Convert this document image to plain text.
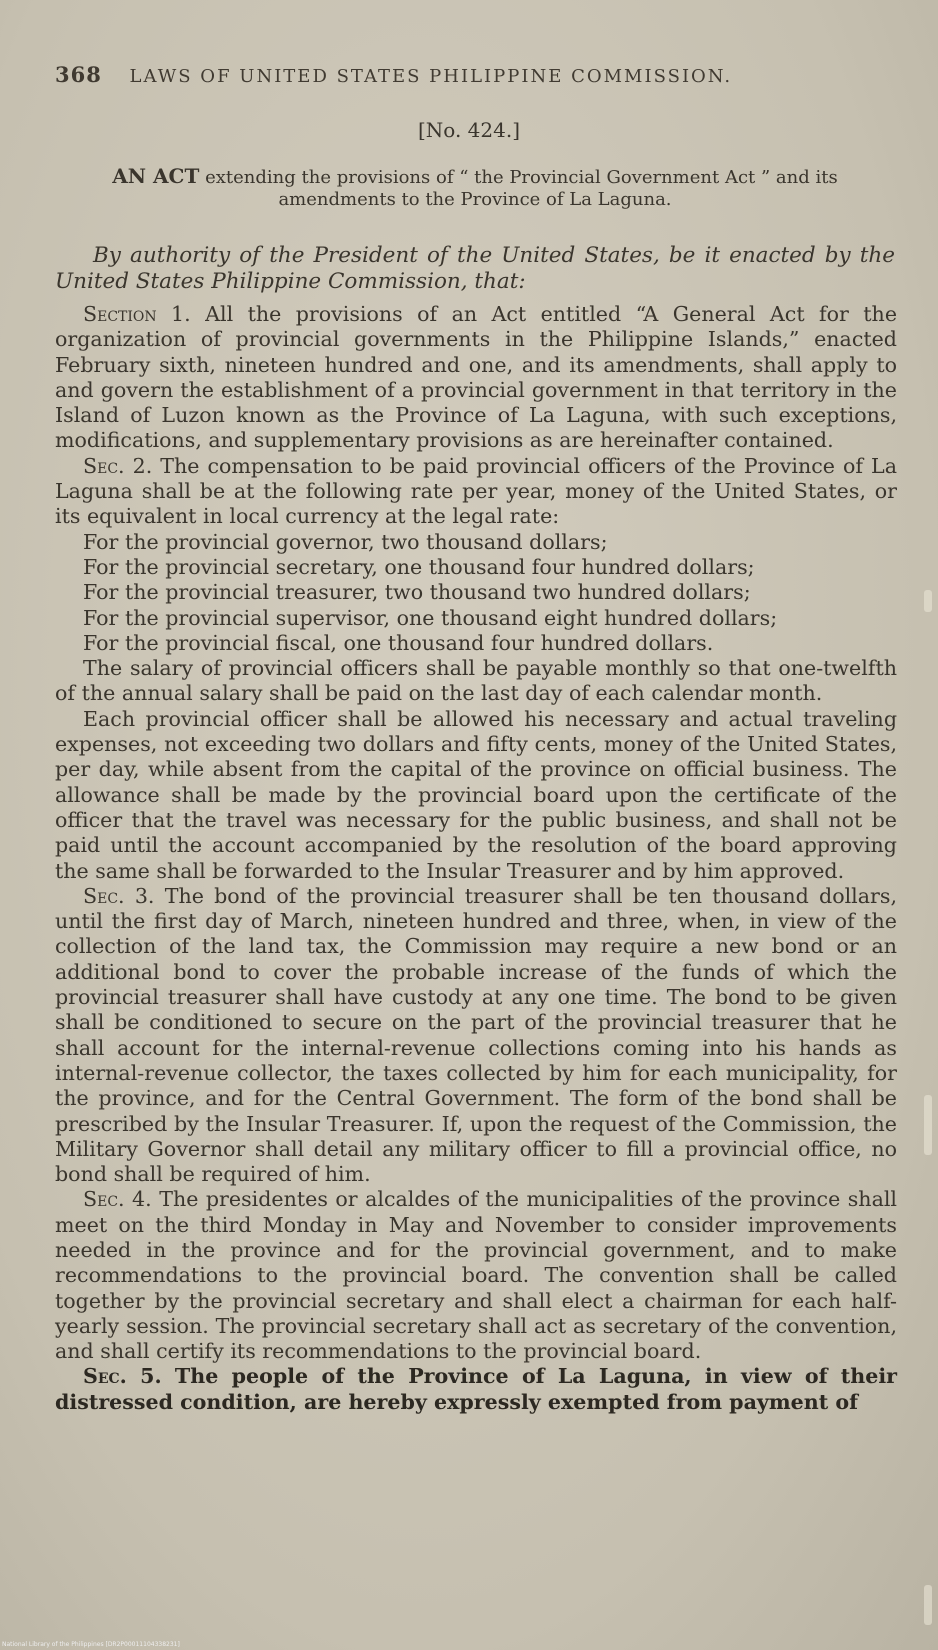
368 LAWS OF UNITED STATES PHILIPPINE COMMISSION.
[No. 424.]
AN ACT extending the provisions of “ the Provincial Government Act ” and its amendments to the Province of La Laguna.
By authority of the President of the United States, be it enacted by the United States Philippine Commission, that:

Section 1. All the provisions of an Act entitled “A General Act for the organization of provincial governments in the Philippine Islands,” enacted February sixth, nineteen hundred and one, and its amendments, shall apply to and govern the establishment of a provincial government in that territory in the Island of Luzon known as the Province of La Laguna, with such exceptions, modifications, and supplementary provisions as are hereinafter contained.

Sec. 2. The compensation to be paid provincial officers of the Province of La Laguna shall be at the following rate per year, money of the United States, or its equivalent in local currency at the legal rate:

For the provincial governor, two thousand dollars;

For the provincial secretary, one thousand four hundred dollars;

For the provincial treasurer, two thousand two hundred dollars;

For the provincial supervisor, one thousand eight hundred dollars;

For the provincial fiscal, one thousand four hundred dollars.

The salary of provincial officers shall be payable monthly so that one-twelfth of the annual salary shall be paid on the last day of each calendar month.

Each provincial officer shall be allowed his necessary and actual traveling expenses, not exceeding two dollars and fifty cents, money of the United States, per day, while absent from the capital of the province on official business. The allowance shall be made by the provincial board upon the certificate of the officer that the travel was necessary for the public business, and shall not be paid until the account accompanied by the resolution of the board approving the same shall be forwarded to the Insular Treasurer and by him approved.

Sec. 3. The bond of the provincial treasurer shall be ten thousand dollars, until the first day of March, nineteen hundred and three, when, in view of the collection of the land tax, the Commission may require a new bond or an additional bond to cover the probable increase of the funds of which the provincial treasurer shall have custody at any one time. The bond to be given shall be conditioned to secure on the part of the provincial treasurer that he shall account for the internal-revenue collections coming into his hands as internal-revenue collector, the taxes collected by him for each municipality, for the province, and for the Central Government. The form of the bond shall be prescribed by the Insular Treasurer. If, upon the request of the Commission, the Military Governor shall detail any military officer to fill a provincial office, no bond shall be required of him.

Sec. 4. The presidentes or alcaldes of the municipalities of the province shall meet on the third Monday in May and November to consider improvements needed in the province and for the provincial government, and to make recommendations to the provincial board. The convention shall be called together by the provincial secretary and shall elect a chairman for each half-yearly session. The provincial secretary shall act as secretary of the convention, and shall certify its recommendations to the provincial board.

Sec. 5. The people of the Province of La Laguna, in view of their distressed condition, are hereby expressly exempted from payment of

National Library of the Philippines [DR2P00011104338231]
